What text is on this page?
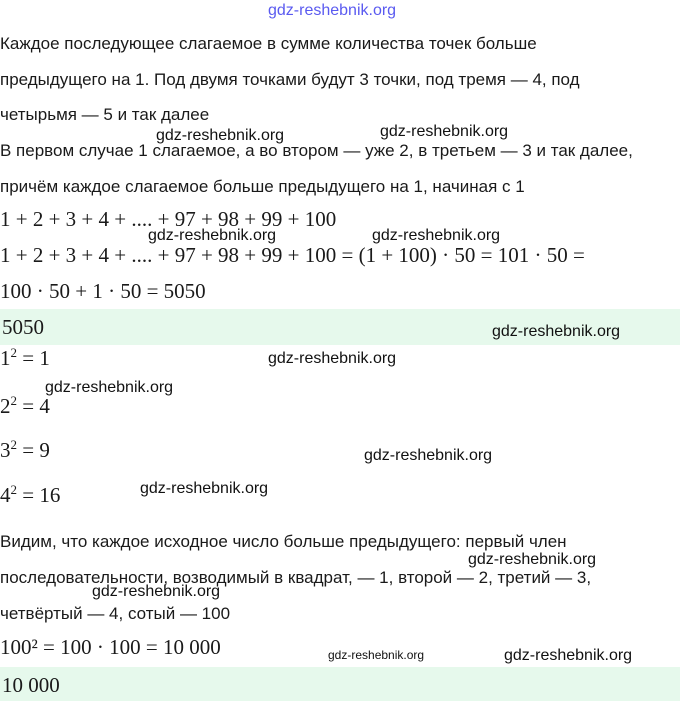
gdz-reshebnik.org
Каждое последующее слагаемое в сумме количества точек больше
предыдущего на 1. Под двумя точками будут 3 точки, под тремя — 4, под
четырьмя — 5 и так далее
В первом случае 1 слагаемое, а во втором — уже 2, в третьем — 3 и так далее,
причём каждое слагаемое больше предыдущего на 1, начиная с 1
1 + 2 + 3 + 4 + .... + 97 + 98 + 99 + 100
1 + 2 + 3 + 4 + .... + 97 + 98 + 99 + 100 = (1 + 100) · 50 = 101 · 50 =
100 · 50 + 1 · 50 = 5050
5050
$1^2 = 1$
$2^2 = 4$
$3^2 = 9$
$4^2 = 16$
Видим, что каждое исходное число больше предыдущего: первый член
последовательности, возводимый в квадрат, — 1, второй — 2, третий — 3,
четвёртый — 4, сотый — 100
100² = 100 · 100 = 10 000
10 000
gdz-reshebnik.org	gdz-reshebnik.org
gdz-reshebnik.org	gdz-reshebnik.org
gdz-reshebnik.org
gdz-reshebnik.org
gdz-reshebnik.org
gdz-reshebnik.org
gdz-reshebnik.org
gdz-reshebnik.org
gdz-reshebnik.org
gdz-reshebnik.org	gdz-reshebnik.org
